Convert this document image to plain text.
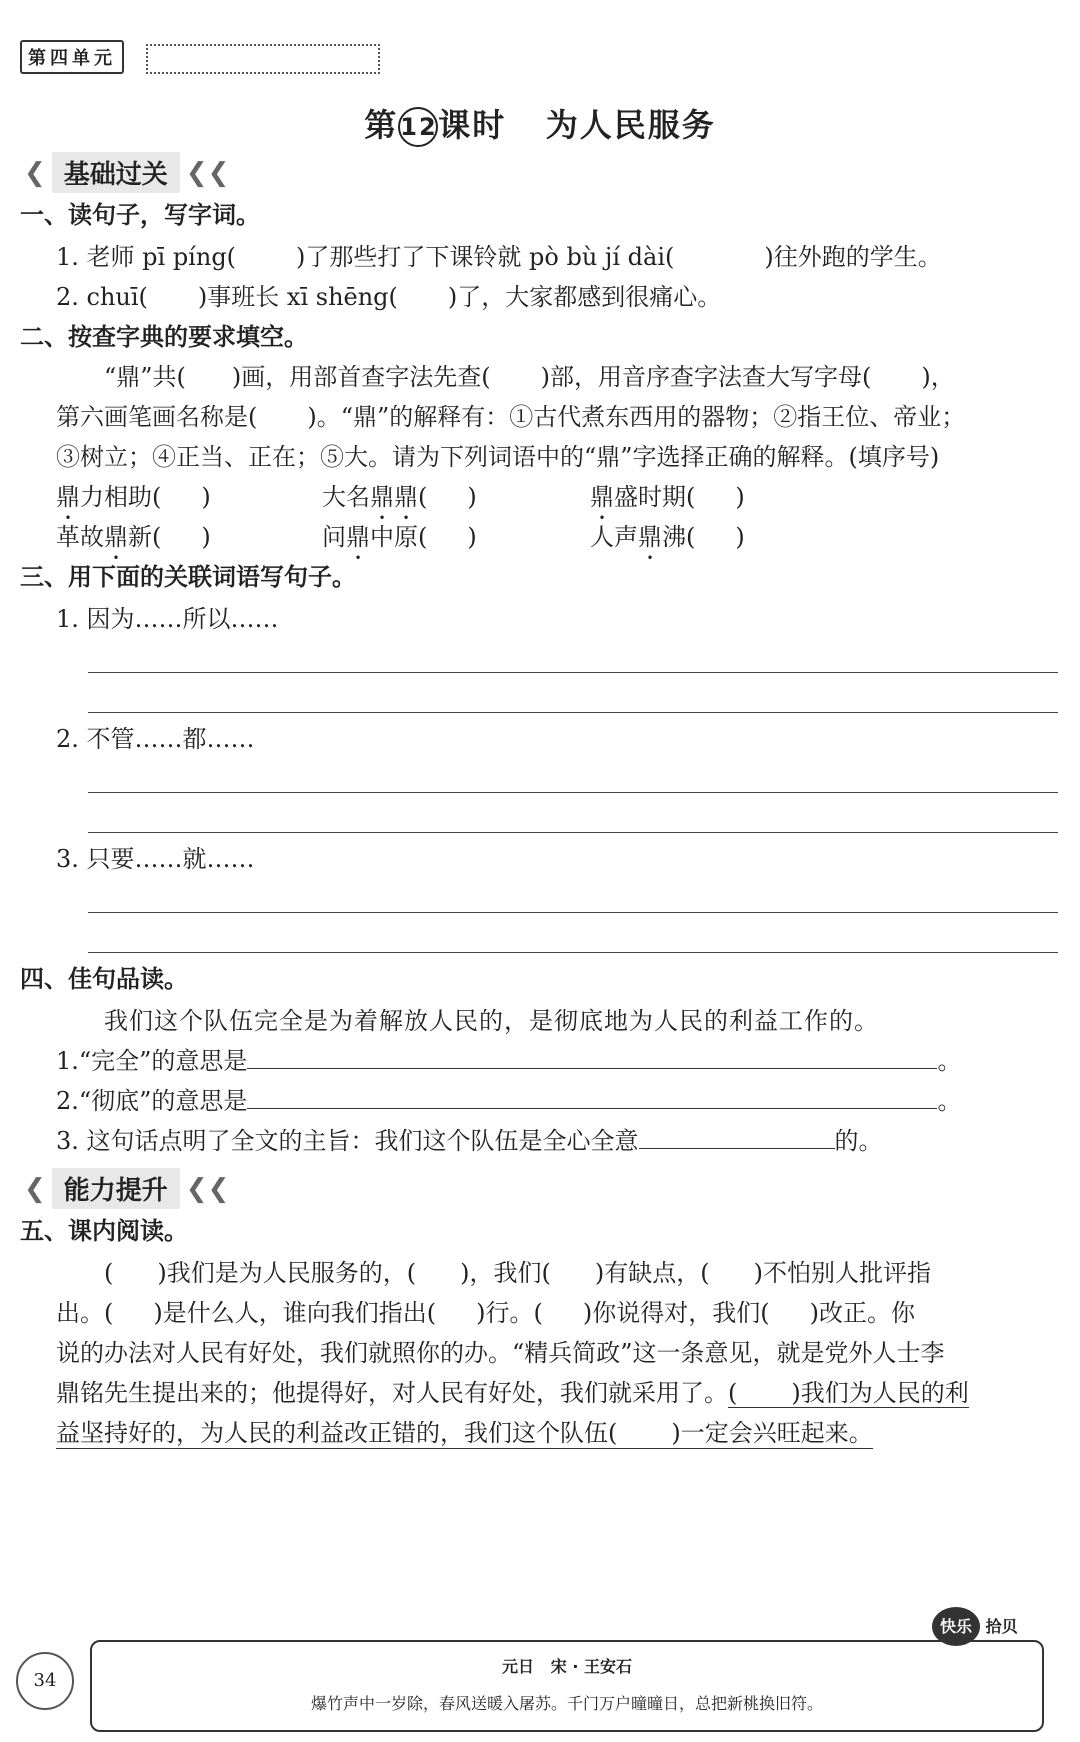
第四单元
第12课时 为人民服务
❮ 基础过关 ❮❮
一、读句子，写字词。
1. 老师 pī píng(	)了那些打了下课铃就 pò bù jí dài(	)往外跑的学生。
2. chuī( )事班长 xī shēng( )了，大家都感到很痛心。
二、按查字典的要求填空。
“鼎”共( )画，用部首查字法先查( )部，用音序查字法查大写字母( )，
第六画笔画名称是( )。“鼎”的解释有：①古代煮东西用的器物；②指王位、帝业；
③树立；④正当、正在；⑤大。请为下列词语中的“鼎”字选择正确的解释。(填序号)
鼎力相助( )	大名鼎鼎( )	鼎盛时期( )
革故鼎新( )	问鼎中原( )	人声鼎沸( )
三、用下面的关联词语写句子。
1. 因为……所以……
2. 不管……都……
3. 只要……就……
四、佳句品读。
我们这个队伍完全是为着解放人民的，是彻底地为人民的利益工作的。
1.“完全”的意思是	。
2.“彻底”的意思是	。
3. 这句话点明了全文的主旨：我们这个队伍是全心全意	的。
❮ 能力提升 ❮❮
五、课内阅读。
( )我们是为人民服务的，( )，我们( )有缺点，( )不怕别人批评指
出。( )是什么人，谁向我们指出( )行。( )你说得对，我们( )改正。你
说的办法对人民有好处，我们就照你的办。“精兵简政”这一条意见，就是党外人士李
鼎铭先生提出来的；他提得好，对人民有好处，我们就采用了。( )我们为人民的利
益坚持好的，为人民的利益改正错的，我们这个队伍( )一定会兴旺起来。
34
元日 宋 · 王安石
爆竹声中一岁除，春风送暖入屠苏。千门万户曈曈日，总把新桃换旧符。
快乐 拾贝
